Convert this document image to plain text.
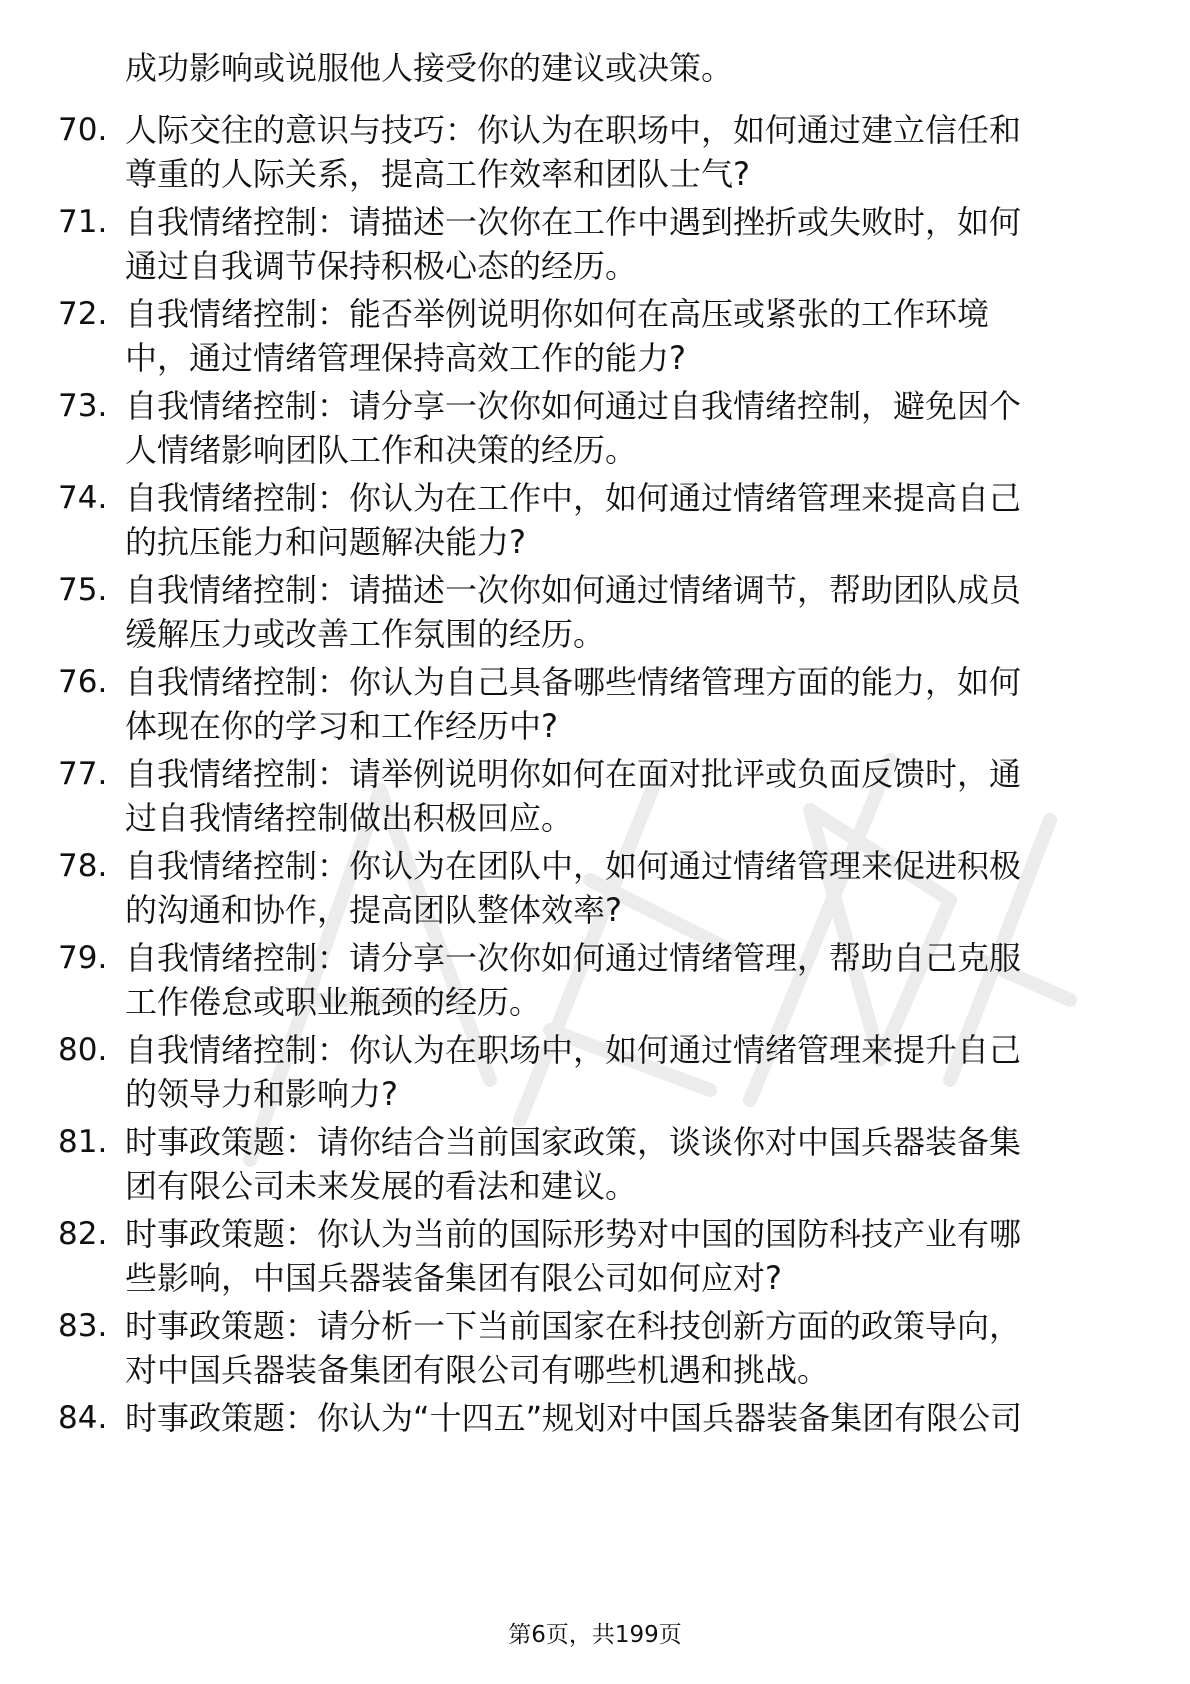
成功影响或说服他人接受你的建议或决策。
70. 人际交往的意识与技巧：你认为在职场中，如何通过建立信任和
尊重的人际关系，提高工作效率和团队士气?
71. 自我情绪控制：请描述一次你在工作中遇到挫折或失败时，如何
通过自我调节保持积极心态的经历。
72. 自我情绪控制：能否举例说明你如何在高压或紧张的工作环境
中，通过情绪管理保持高效工作的能力?
73. 自我情绪控制：请分享一次你如何通过自我情绪控制，避免因个
人情绪影响团队工作和决策的经历。
74. 自我情绪控制：你认为在工作中，如何通过情绪管理来提高自己
的抗压能力和问题解决能力?
75. 自我情绪控制：请描述一次你如何通过情绪调节，帮助团队成员
缓解压力或改善工作氛围的经历。
76. 自我情绪控制：你认为自己具备哪些情绪管理方面的能力，如何
体现在你的学习和工作经历中?
77. 自我情绪控制：请举例说明你如何在面对批评或负面反馈时，通
过自我情绪控制做出积极回应。
78. 自我情绪控制：你认为在团队中，如何通过情绪管理来促进积极
的沟通和协作，提高团队整体效率?
79. 自我情绪控制：请分享一次你如何通过情绪管理，帮助自己克服
工作倦怠或职业瓶颈的经历。
80. 自我情绪控制：你认为在职场中，如何通过情绪管理来提升自己
的领导力和影响力?
81. 时事政策题：请你结合当前国家政策，谈谈你对中国兵器装备集
团有限公司未来发展的看法和建议。
82. 时事政策题：你认为当前的国际形势对中国的国防科技产业有哪
些影响，中国兵器装备集团有限公司如何应对?
83. 时事政策题：请分析一下当前国家在科技创新方面的政策导向，
对中国兵器装备集团有限公司有哪些机遇和挑战。
84. 时事政策题：你认为“十四五”规划对中国兵器装备集团有限公司
第6页，共199页
